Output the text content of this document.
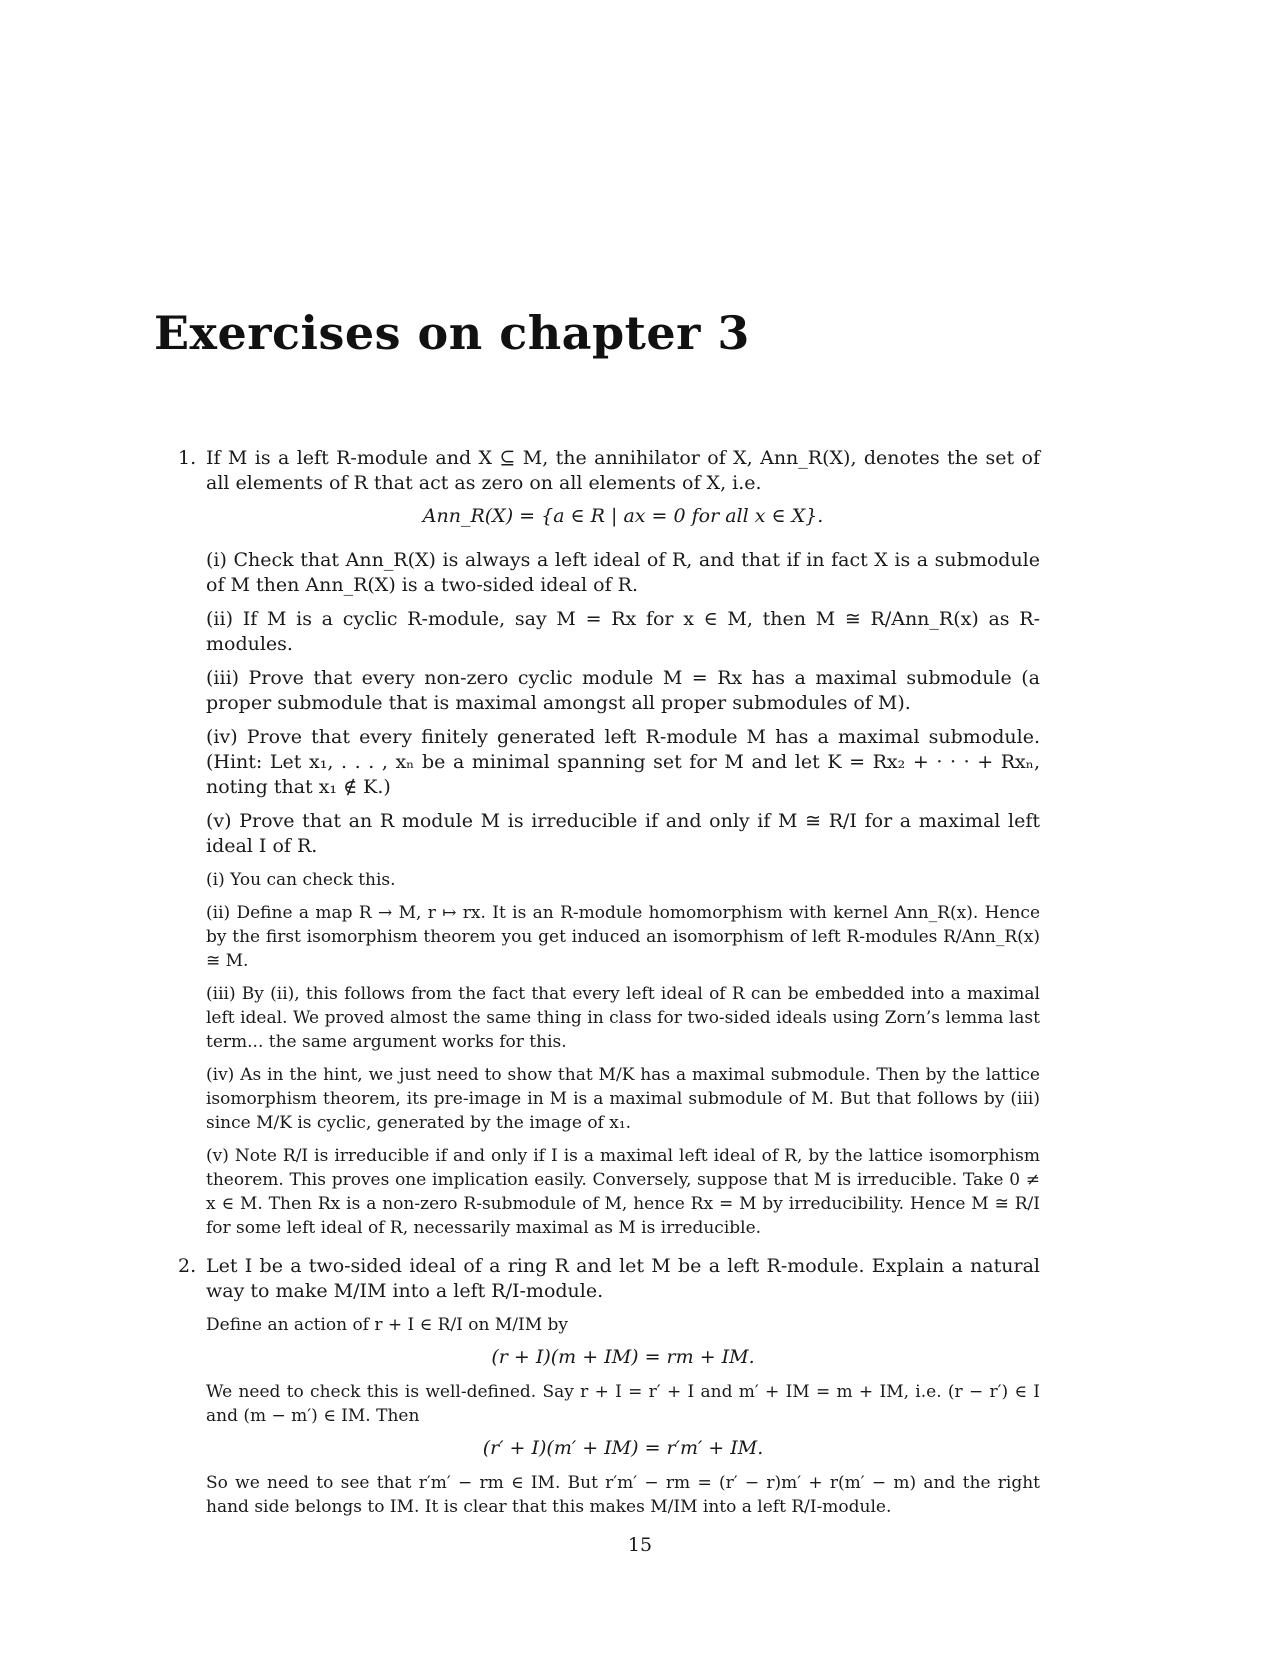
Exercises on chapter 3
1. If M is a left R-module and X ⊆ M, the annihilator of X, Ann_R(X), denotes the set of all elements of R that act as zero on all elements of X, i.e.

Ann_R(X) = {a ∈ R | ax = 0 for all x ∈ X}.

(i) Check that Ann_R(X) is always a left ideal of R, and that if in fact X is a submodule of M then Ann_R(X) is a two-sided ideal of R.

(ii) If M is a cyclic R-module, say M = Rx for x ∈ M, then M ≅ R/Ann_R(x) as R-modules.

(iii) Prove that every non-zero cyclic module M = Rx has a maximal submodule (a proper submodule that is maximal amongst all proper submodules of M).

(iv) Prove that every finitely generated left R-module M has a maximal submodule. (Hint: Let x₁, . . . , xₙ be a minimal spanning set for M and let K = Rx₂ + · · · + Rxₙ, noting that x₁ ∉ K.)

(v) Prove that an R module M is irreducible if and only if M ≅ R/I for a maximal left ideal I of R.

(i) You can check this.

(ii) Define a map R → M, r ↦ rx. It is an R-module homomorphism with kernel Ann_R(x). Hence by the first isomorphism theorem you get induced an isomorphism of left R-modules R/Ann_R(x) ≅ M.

(iii) By (ii), this follows from the fact that every left ideal of R can be embedded into a maximal left ideal. We proved almost the same thing in class for two-sided ideals using Zorn’s lemma last term... the same argument works for this.

(iv) As in the hint, we just need to show that M/K has a maximal submodule. Then by the lattice isomorphism theorem, its pre-image in M is a maximal submodule of M. But that follows by (iii) since M/K is cyclic, generated by the image of x₁.

(v) Note R/I is irreducible if and only if I is a maximal left ideal of R, by the lattice isomorphism theorem. This proves one implication easily. Conversely, suppose that M is irreducible. Take 0 ≠ x ∈ M. Then Rx is a non-zero R-submodule of M, hence Rx = M by irreducibility. Hence M ≅ R/I for some left ideal of R, necessarily maximal as M is irreducible.

2. Let I be a two-sided ideal of a ring R and let M be a left R-module. Explain a natural way to make M/IM into a left R/I-module.

Define an action of r + I ∈ R/I on M/IM by

(r + I)(m + IM) = rm + IM.

We need to check this is well-defined. Say r + I = r′ + I and m′ + IM = m + IM, i.e. (r − r′) ∈ I and (m − m′) ∈ IM. Then

(r′ + I)(m′ + IM) = r′m′ + IM.

So we need to see that r′m′ − rm ∈ IM. But r′m′ − rm = (r′ − r)m′ + r(m′ − m) and the right hand side belongs to IM. It is clear that this makes M/IM into a left R/I-module.

15
